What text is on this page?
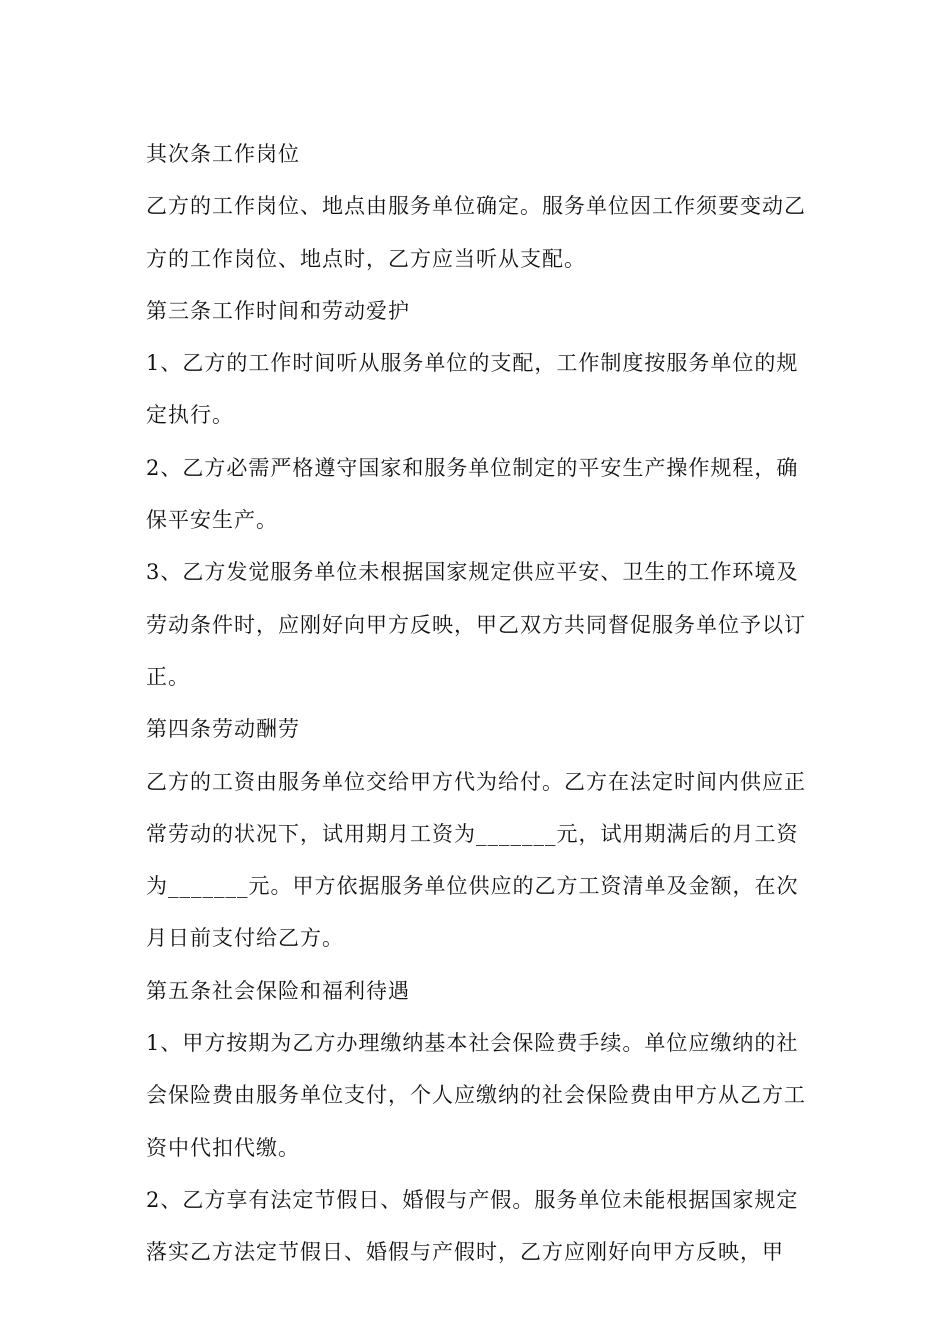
其次条工作岗位

乙方的工作岗位、地点由服务单位确定。服务单位因工作须要变动乙方的工作岗位、地点时，乙方应当听从支配。

第三条工作时间和劳动爱护

1、乙方的工作时间听从服务单位的支配，工作制度按服务单位的规定执行。

2、乙方必需严格遵守国家和服务单位制定的平安生产操作规程，确保平安生产。

3、乙方发觉服务单位未根据国家规定供应平安、卫生的工作环境及劳动条件时，应刚好向甲方反映，甲乙双方共同督促服务单位予以订正。

第四条劳动酬劳

乙方的工资由服务单位交给甲方代为给付。乙方在法定时间内供应正常劳动的状况下，试用期月工资为_______元，试用期满后的月工资为_______元。甲方依据服务单位供应的乙方工资清单及金额，在次月日前支付给乙方。

第五条社会保险和福利待遇

1、甲方按期为乙方办理缴纳基本社会保险费手续。单位应缴纳的社会保险费由服务单位支付，个人应缴纳的社会保险费由甲方从乙方工资中代扣代缴。

2、乙方享有法定节假日、婚假与产假。服务单位未能根据国家规定落实乙方法定节假日、婚假与产假时，乙方应刚好向甲方反映，甲
